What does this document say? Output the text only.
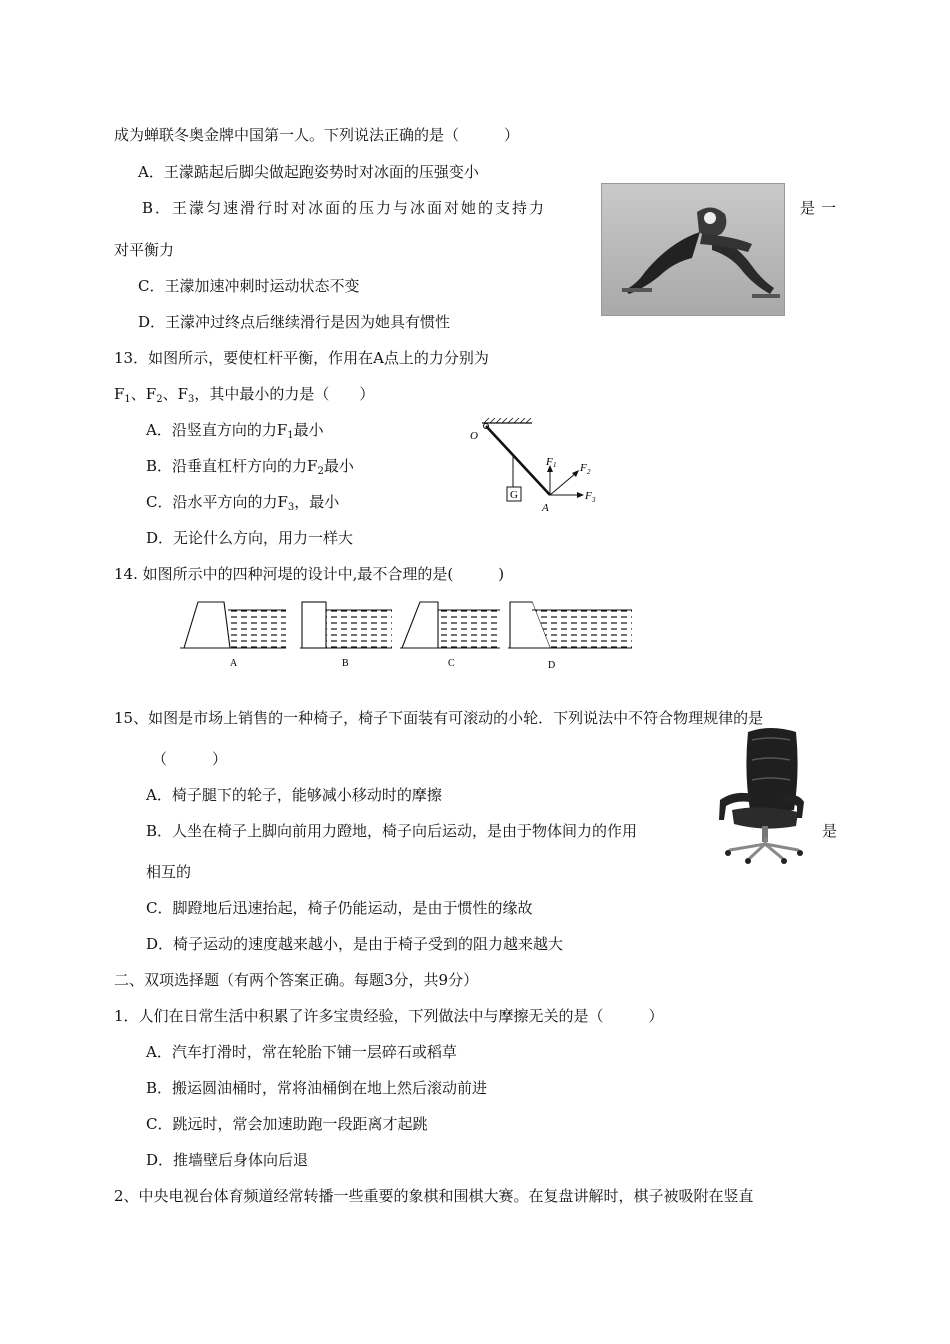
成为蝉联冬奥金牌中国第一人。下列说法正确的是（　　　）
A．王濛踮起后脚尖做起跑姿势时对冰面的压强变小
B．王濛匀速滑行时对冰面的压力与冰面对她的支持力	是一
对平衡力
C．王濛加速冲刺时运动状态不变
D．王濛冲过终点后继续滑行是因为她具有惯性
13．如图所示，要使杠杆平衡，作用在A点上的力分别为
$F_1$、$F_2$、$F_3$，其中最小的力是（　　）
A．沿竖直方向的力$F_1$最小
B．沿垂直杠杆方向的力$F_2$最小
C．沿水平方向的力$F_3$，最小
D．无论什么方向，用力一样大
O
G
A
F 1 F 2
F 3
14. 如图所示中的四种河堤的设计中,最不合理的是(　　　)
A	B	C	D
15、如图是市场上销售的一种椅子，椅子下面装有可滚动的小轮．下列说法中不符合物理规律的是
（　　　）
A．椅子腿下的轮子，能够减小移动时的摩擦
B．人坐在椅子上脚向前用力蹬地，椅子向后运动，是由于物体间力的作用	是
相互的
C．脚蹬地后迅速抬起，椅子仍能运动，是由于惯性的缘故
D．椅子运动的速度越来越小，是由于椅子受到的阻力越来越大
二、双项选择题（有两个答案正确。每题3分，共9分）
1．人们在日常生活中积累了许多宝贵经验，下列做法中与摩擦无关的是（　　　）
A．汽车打滑时，常在轮胎下铺一层碎石或稻草
B．搬运圆油桶时，常将油桶倒在地上然后滚动前进
C．跳远时，常会加速助跑一段距离才起跳
D．推墙壁后身体向后退
2、中央电视台体育频道经常转播一些重要的象棋和围棋大赛。在复盘讲解时，棋子被吸附在竖直
